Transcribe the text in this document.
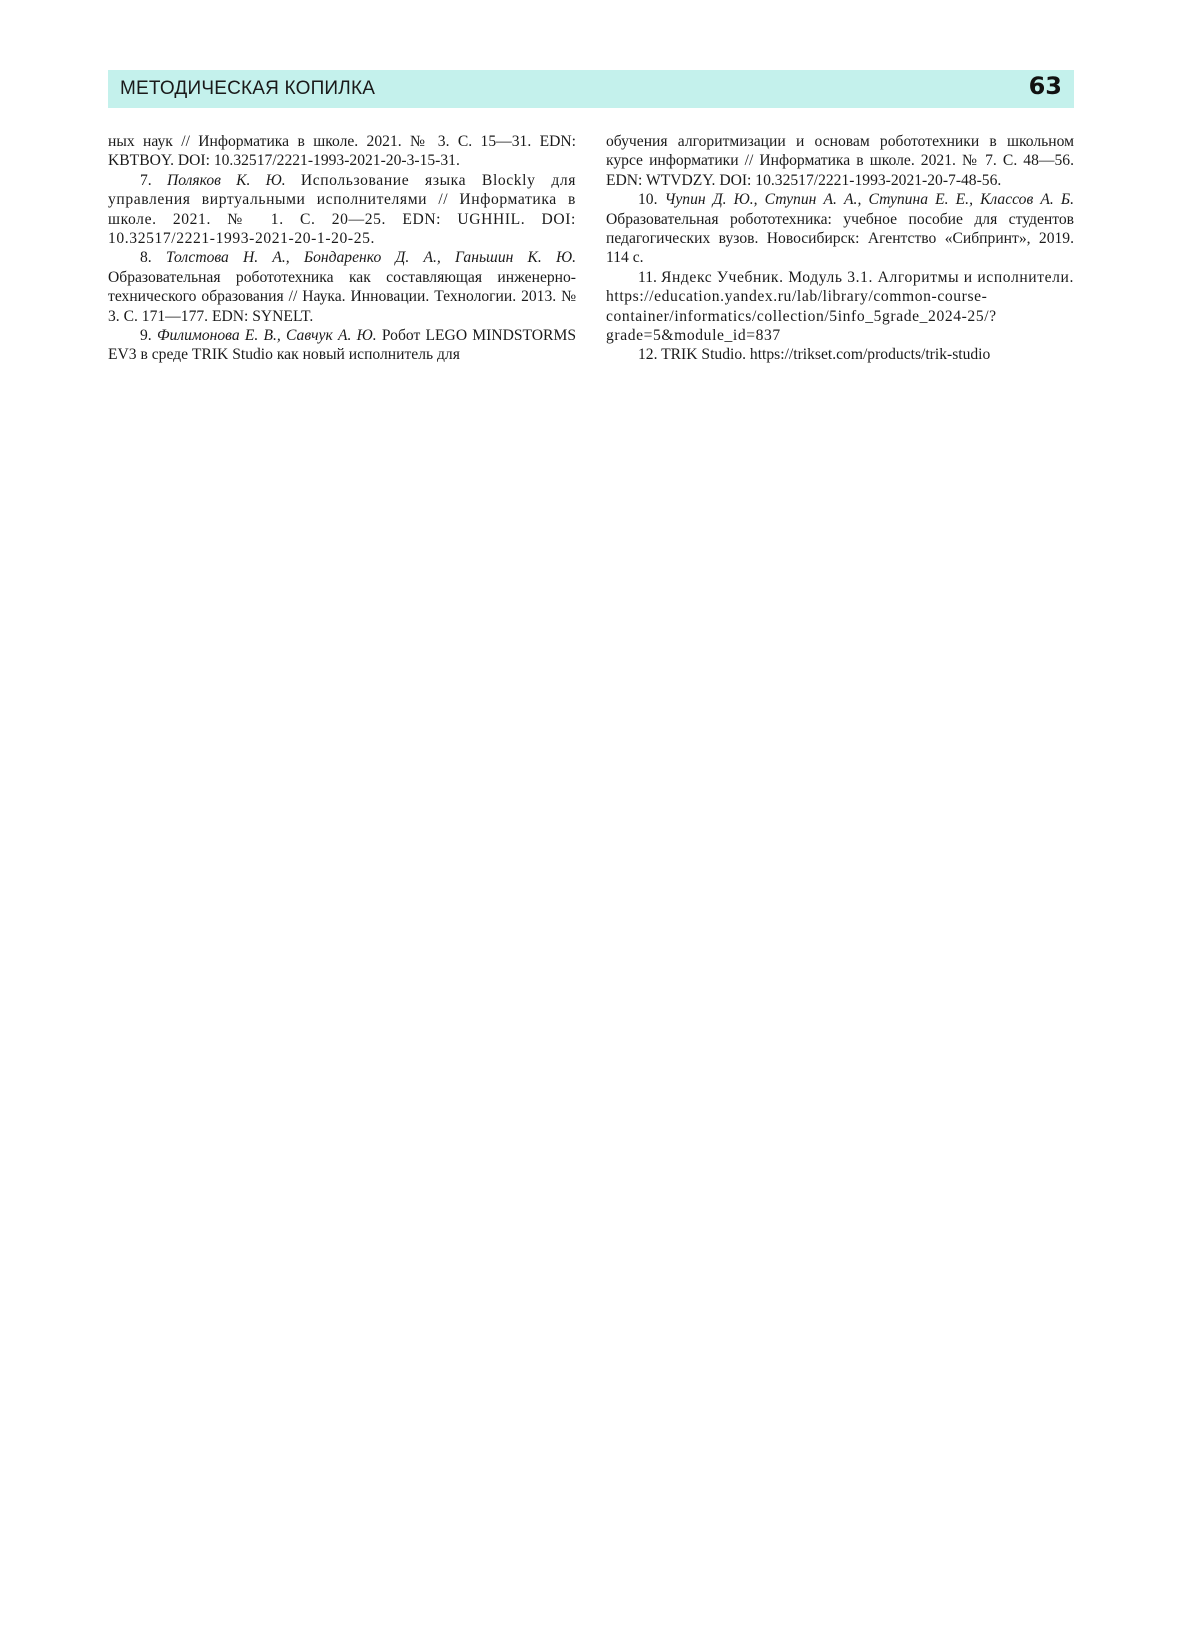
МЕТОДИЧЕСКАЯ КОПИЛКА	63

ных наук // Информатика в школе. 2021. № 3. С. 15—31. EDN: KBTBOY. DOI: 10.32517/2221-1993-2021-20-3-15-31.

7. Поляков К. Ю. Использование языка Blockly для управления виртуальными исполнителями // Информатика в школе. 2021. № 1. С. 20—25. EDN: UGHHIL. DOI: 10.32517/2221-1993-2021-20-1-20-25.

8. Толстова Н. А., Бондаренко Д. А., Ганьшин К. Ю. Образовательная робототехника как составляющая инженерно-технического образования // Наука. Инновации. Технологии. 2013. № 3. С. 171—177. EDN: SYNELT.

9. Филимонова Е. В., Савчук А. Ю. Робот LEGO MINDSTORMS EV3 в среде TRIK Studio как новый исполнитель для

обучения алгоритмизации и основам робототехники в школьном курсе информатики // Информатика в школе. 2021. № 7. С. 48—56. EDN: WTVDZY. DOI: 10.32517/2221-1993-2021-20-7-48-56.

10. Чупин Д. Ю., Ступин А. А., Ступина Е. Е., Классов А. Б. Образовательная робототехника: учебное пособие для студентов педагогических вузов. Новосибирск: Агентство «Сибпринт», 2019. 114 с.

11. Яндекс Учебник. Модуль 3.1. Алгоритмы и исполнители. https://education.yandex.ru/lab/library/common-course-container/informatics/collection/5info_5grade_2024-25/?grade=5&module_id=837

12. TRIK Studio. https://trikset.com/products/trik-studio
